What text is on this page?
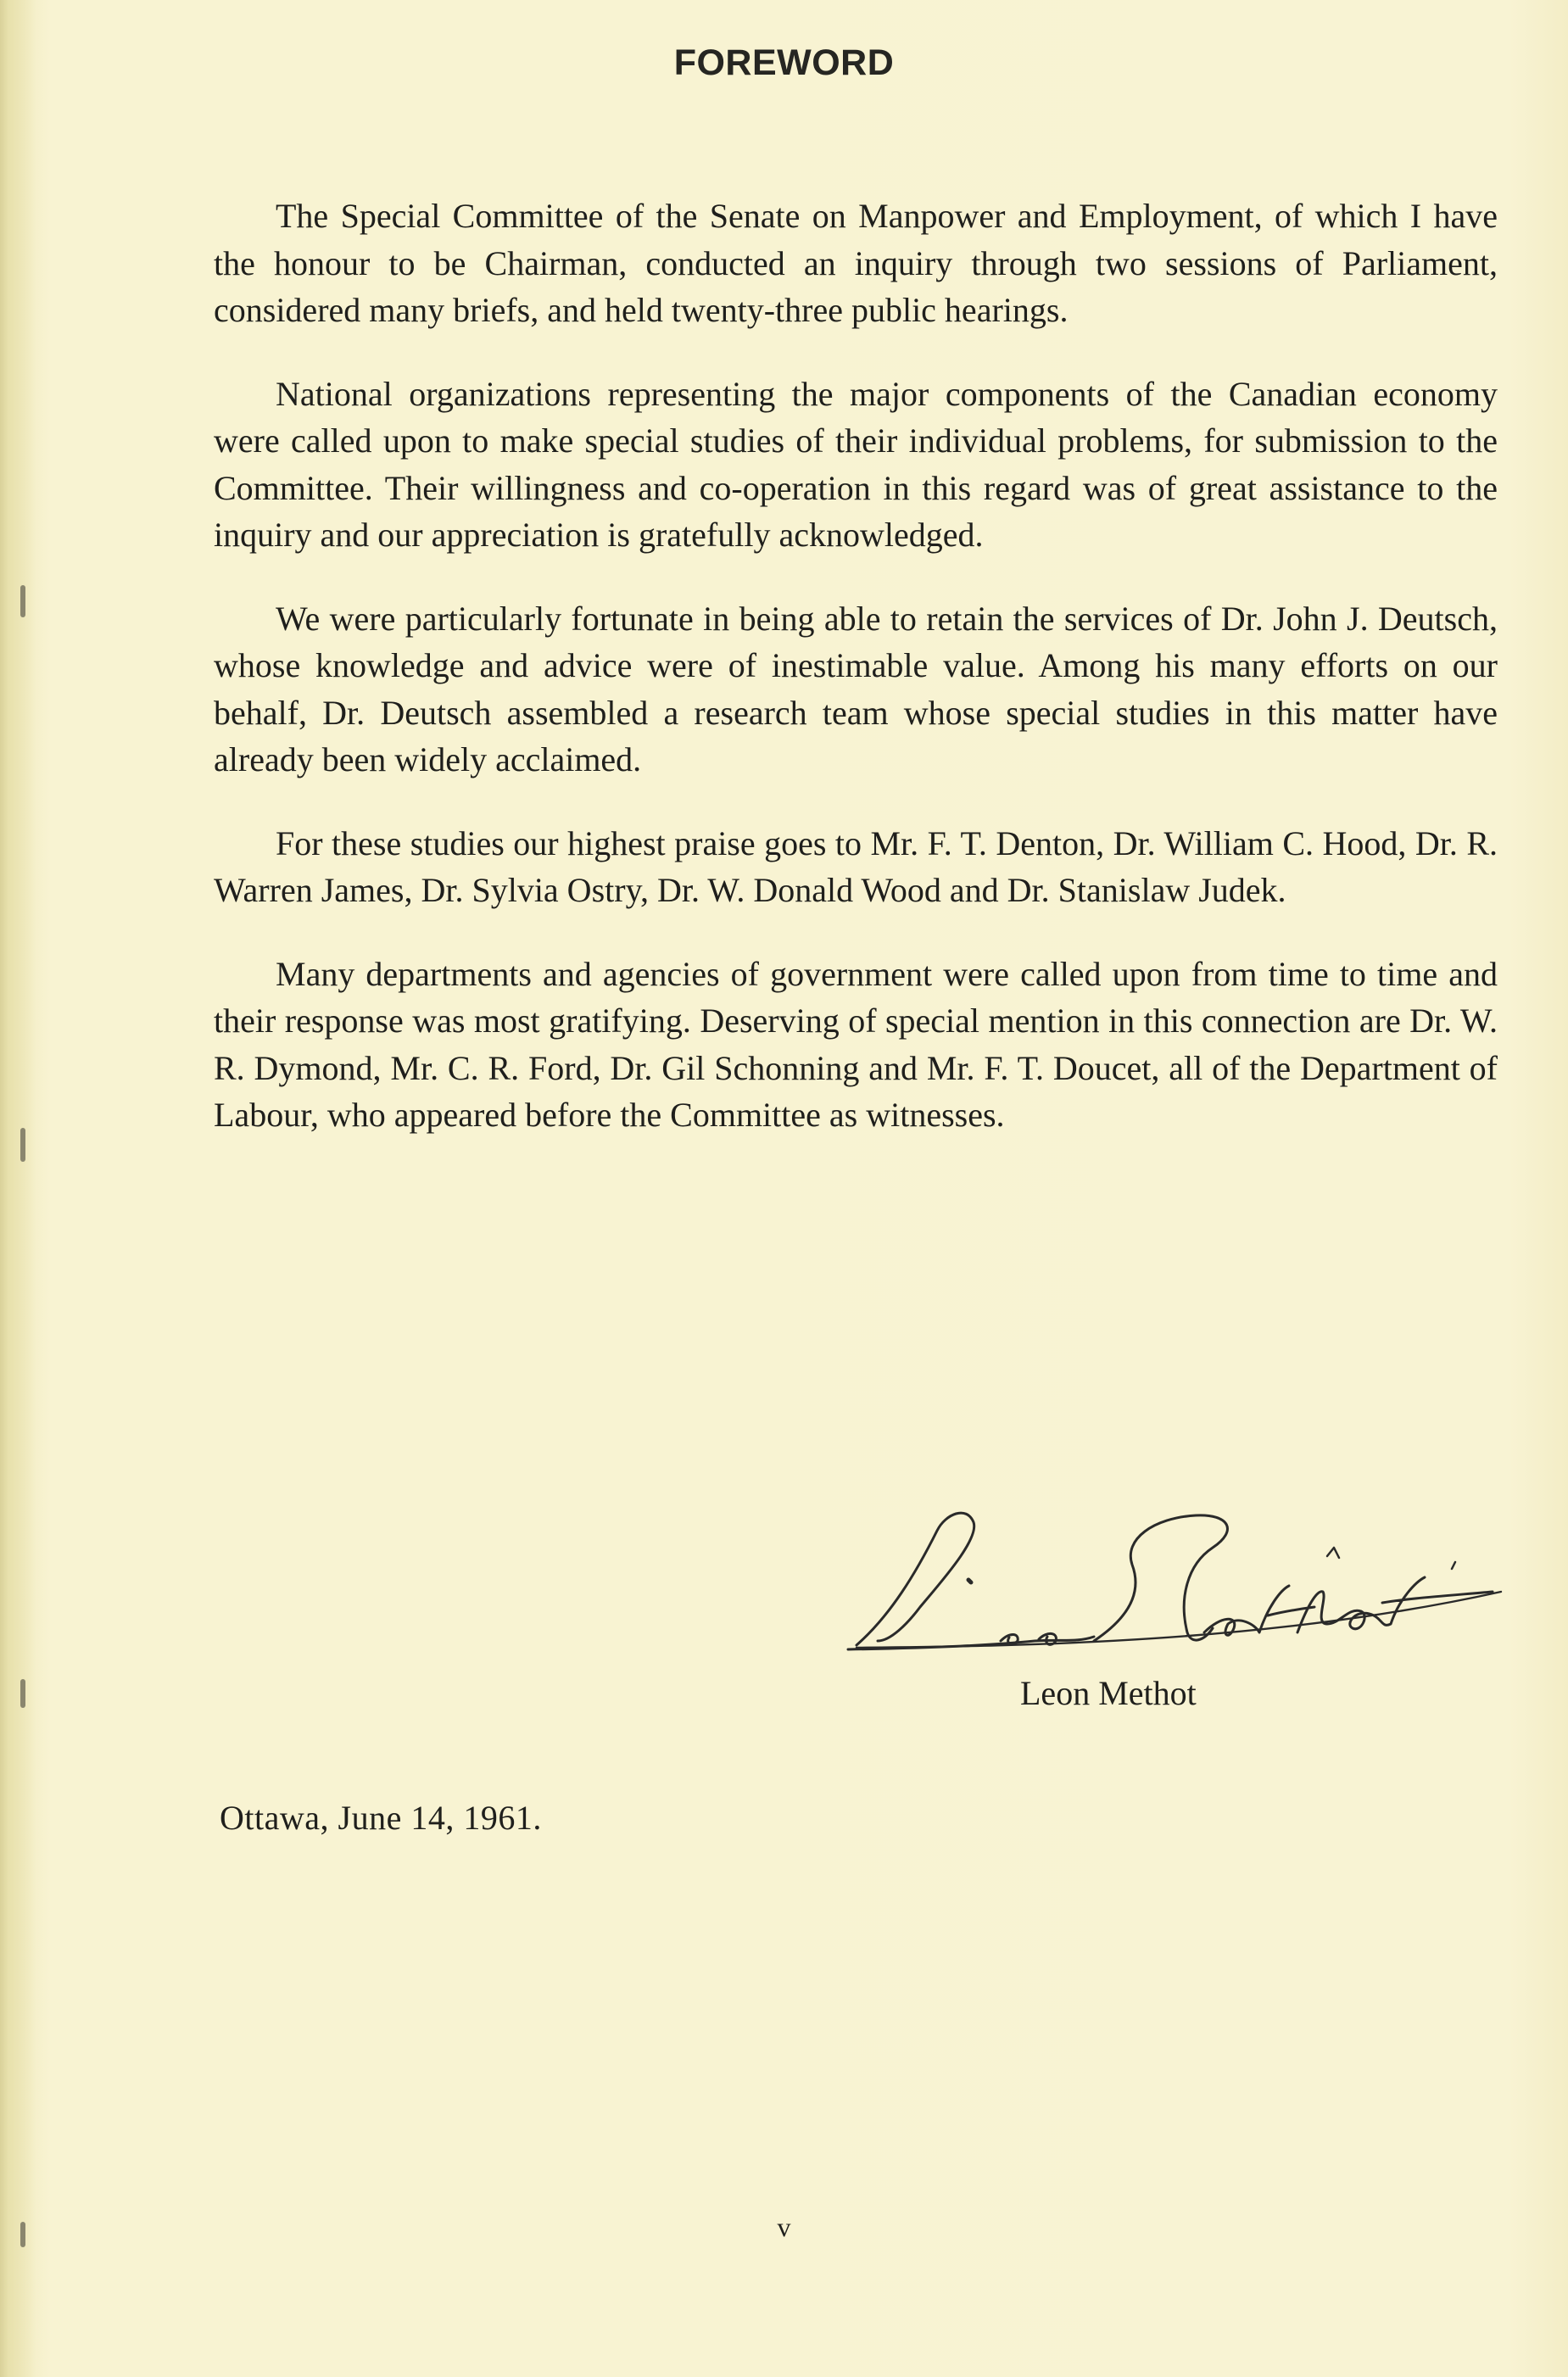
FOREWORD

The Special Committee of the Senate on Manpower and Employment, of which I have the honour to be Chairman, conducted an inquiry through two sessions of Parliament, considered many briefs, and held twenty-three public hearings.

National organizations representing the major components of the Canadian economy were called upon to make special studies of their individual problems, for submission to the Committee. Their willingness and co-operation in this regard was of great assistance to the inquiry and our appreciation is gratefully acknowledged.

We were particularly fortunate in being able to retain the services of Dr. John J. Deutsch, whose knowledge and advice were of inestimable value. Among his many efforts on our behalf, Dr. Deutsch assembled a research team whose special studies in this matter have already been widely acclaimed.

For these studies our highest praise goes to Mr. F. T. Denton, Dr. William C. Hood, Dr. R. Warren James, Dr. Sylvia Ostry, Dr. W. Donald Wood and Dr. Stanislaw Judek.

Many departments and agencies of government were called upon from time to time and their response was most gratifying. Deserving of special mention in this connection are Dr. W. R. Dymond, Mr. C. R. Ford, Dr. Gil Schonning and Mr. F. T. Doucet, all of the Department of Labour, who appeared before the Committee as witnesses.

Leon Methot
Ottawa, June 14, 1961.
v
